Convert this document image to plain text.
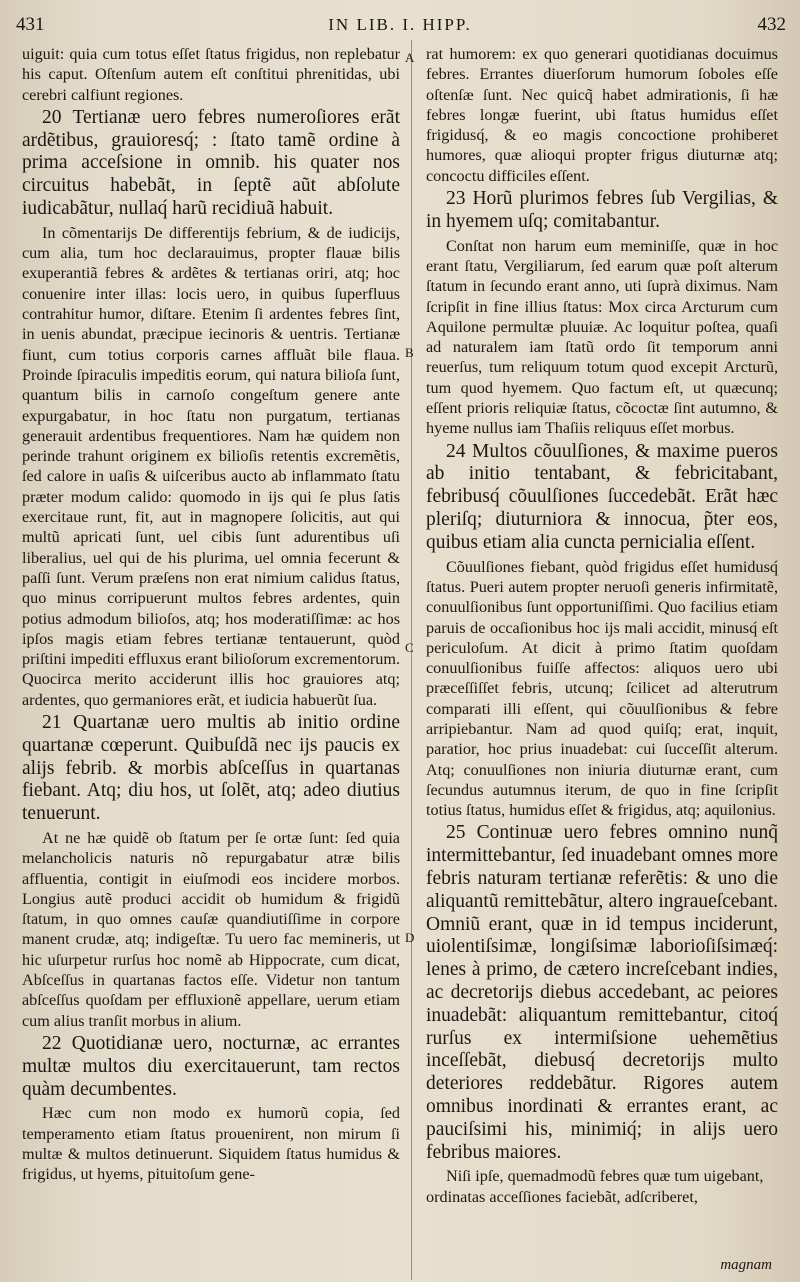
431	IN LIB. I. HIPP.	432

uiguit: quia cum totus eſſet ſtatus frigidus, non replebatur his caput. Oſtenſum autem eſt conſtitui phrenitidas, ubi cerebri calfiunt regiones.

20 Tertianæ uero febres numeroſiores erãt ardẽtibus, grauioresq́; : ſtato tamẽ ordine à prima acceſsione in omnib. his quater nos circuitus habebãt, in ſeptẽ aũt abſolute iudicabãtur, nullaq́ harũ recidiuã habuit.

In cõmentarijs De differentijs febrium, & de iudicijs, cum alia, tum hoc declarauimus, propter flauæ bilis exuperantiã febres & ardẽtes & tertianas oriri, atq; hoc conuenire inter illas: locis uero, in quibus ſuperfluus contrahitur humor, diſtare. Etenim ſi ardentes febres ſint, in uenis abundat, præcipue iecinoris & uentris. Tertianæ fiunt, cum totius corporis carnes affluãt bile flaua. Proinde ſpiraculis impeditis eorum, qui natura bilioſa ſunt, quantum bilis in carnoſo congeſtum genere ante expurgabatur, in hoc ſtatu non purgatum, tertianas generauit ardentibus frequentiores. Nam hæ quidem non perinde trahunt originem ex bilioſis retentis excremẽtis, ſed calore in uaſis & uiſceribus aucto ab inflammato ſtatu præter modum calido: quomodo in ijs qui ſe plus ſatis exercitaue runt, fit, aut in magnopere ſolicitis, aut qui multũ apricati ſunt, uel cibis ſunt adurentibus uſi liberalius, uel qui de his plurima, uel omnia fecerunt & paſſi ſunt. Verum præſens non erat nimium calidus ſtatus, quo minus corripuerunt multos febres ardentes, quin potius admodum bilioſos, atq; hos moderatiſſimæ: ac hos ipſos magis etiam febres tertianæ tentauerunt, quòd priſtini impediti effluxus erant bilioſorum excrementorum. Quocirca merito acciderunt illis hoc grauiores atq; ardentes, quo germaniores erãt, et iudicia habuerũt ſua.

21 Quartanæ uero multis ab initio ordine quartanæ cœperunt. Quibuſdã nec ijs paucis ex alijs febrib. & morbis abſceſſus in quartanas fiebant. Atq; diu hos, ut ſolẽt, atq; adeo diutius tenuerunt.

At ne hæ quidẽ ob ſtatum per ſe ortæ ſunt: ſed quia melancholicis naturis nõ repurgabatur atræ bilis affluentia, contigit in eiuſmodi eos incidere morbos. Longius autẽ produci accidit ob humidum & frigidũ ſtatum, in quo omnes cauſæ quandiutiſſime in corpore manent crudæ, atq; indigeſtæ. Tu uero fac memineris, ut hic uſurpetur rurſus hoc nomẽ ab Hippocrate, cum dicat, Abſceſſus in quartanas factos eſſe. Videtur non tantum abſceſſus quoſdam per effluxionẽ appellare, uerum etiam cum alius tranſit morbus in alium.

22 Quotidianæ uero, nocturnæ, ac errantes multæ multos diu exercitauerunt, tam rectos quàm decumbentes.

Hæc cum non modo ex humorũ copia, ſed temperamento etiam ſtatus prouenirent, non mirum ſi multæ & multos detinuerunt. Siquidem ſtatus humidus & frigidus, ut hyems, pituitoſum gene-

A
B
C
D

rat humorem: ex quo generari quotidianas docuimus febres. Errantes diuerſorum humorum ſoboles eſſe oſtenſæ ſunt. Nec quicq̃ habet admirationis, ſi hæ febres longæ fuerint, ubi ſtatus humidus eſſet frigidusq́, & eo magis concoctione prohiberet humores, quæ alioqui propter frigus diuturnæ atq; concoctu difficiles eſſent.

23 Horũ plurimos febres ſub Vergilias, & in hyemem uſq; comitabantur.

Conſtat non harum eum meminiſſe, quæ in hoc erant ſtatu, Vergiliarum, ſed earum quæ poſt alterum ſtatum in ſecundo erant anno, uti ſuprà diximus. Nam ſcripſit in fine illius ſtatus: Mox circa Arcturum cum Aquilone permultæ pluuiæ. Ac loquitur poſtea, quaſi ad naturalem iam ſtatũ ordo ſit temporum anni reuerſus, tum reliquum totum quod excepit Arcturũ, tum quod hyemem. Quo factum eſt, ut quæcunq; eſſent prioris reliquiæ ſtatus, cõcoctæ ſint autumno, & hyeme nullus iam Thaſiis reliquus eſſet morbus.

24 Multos cõuulſiones, & maxime pueros ab initio tentabant, & febricitabant, febribusq́ cõuulſiones ſuccedebãt. Erãt hæc pleriſq; diuturniora & innocua, p̃ter eos, quibus etiam alia cuncta pernicialia eſſent.

Cõuulſiones fiebant, quòd frigidus eſſet humidusq́ ſtatus. Pueri autem propter neruoſi generis infirmitatẽ, conuulſionibus ſunt opportuniſſimi. Quo facilius etiam paruis de occaſionibus hoc ijs mali accidit, minusq́ eſt periculoſum. At dicit à primo ſtatim quoſdam conuulſionibus fuiſſe affectos: aliquos uero ubi præceſſiſſet febris, utcunq; ſcilicet ad alterutrum comparati illi eſſent, qui cõuulſionibus & febre arripiebantur. Nam ad quod quiſq; erat, inquit, paratior, hoc prius inuadebat: cui ſucceſſit alterum. Atq; conuulſiones non iniuria diuturnæ erant, cum ſecundus autumnus iterum, de quo in fine ſcripſit totius ſtatus, humidus eſſet & frigidus, atq; aquilonius.

25 Continuæ uero febres omnino nunq̃ intermittebantur, ſed inuadebant omnes more febris naturam tertianæ referẽtis: & uno die aliquantũ remittebãtur, altero ingraueſcebant. Omniũ erant, quæ in id tempus inciderunt, uiolentiſsimæ, longiſsimæ laborioſiſsimæq́: lenes à primo, de cætero increſcebant indies, ac decretorijs diebus accedebant, ac peiores inuadebãt: aliquantum remittebantur, citoq́ rurſus ex intermiſsione uehemẽtius inceſſebãt, diebusq́ decretorijs multo deteriores reddebãtur. Rigores autem omnibus inordinati & errantes erant, ac pauciſsimi his, minimiq́; in alijs uero febribus maiores.

Niſi ipſe, quemadmodũ febres quæ tum uigebant, ordinatas acceſſiones faciebãt, adſcriberet,

magnam
